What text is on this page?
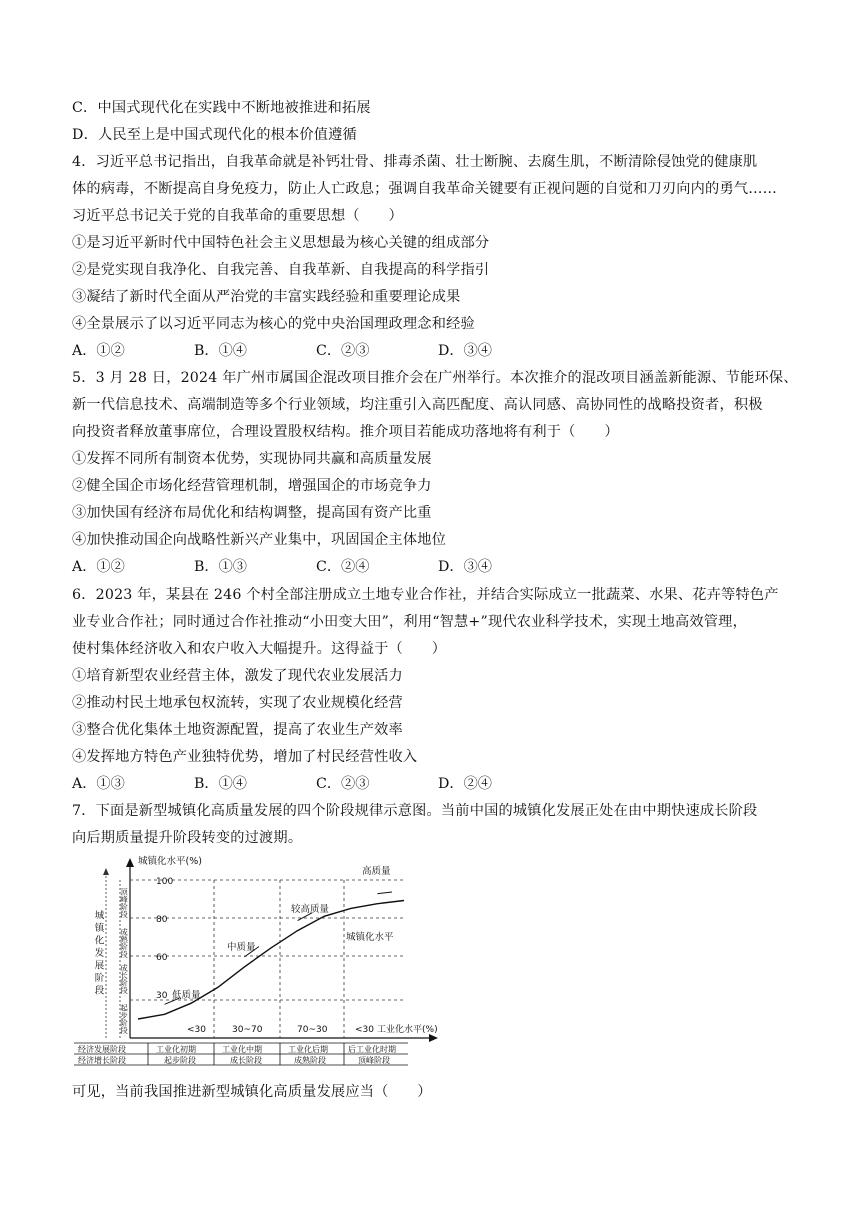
C．中国式现代化在实践中不断地被推进和拓展
D．人民至上是中国式现代化的根本价值遵循
4．习近平总书记指出，自我革命就是补钙壮骨、排毒杀菌、壮士断腕、去腐生肌，不断清除侵蚀党的健康肌
体的病毒，不断提高自身免疫力，防止人亡政息；强调自我革命关键要有正视问题的自觉和刀刃向内的勇气……
习近平总书记关于党的自我革命的重要思想（　　）
①是习近平新时代中国特色社会主义思想最为核心关键的组成部分
②是党实现自我净化、自我完善、自我革新、自我提高的科学指引
③凝结了新时代全面从严治党的丰富实践经验和重要理论成果
④全景展示了以习近平同志为核心的党中央治国理政理念和经验
A．①②	B．①④	C．②③	D．③④
5．3 月 28 日，2024 年广州市属国企混改项目推介会在广州举行。本次推介的混改项目涵盖新能源、节能环保、
新一代信息技术、高端制造等多个行业领域，均注重引入高匹配度、高认同感、高协同性的战略投资者，积极
向投资者释放董事席位，合理设置股权结构。推介项目若能成功落地将有利于（　　）
①发挥不同所有制资本优势，实现协同共赢和高质量发展
②健全国企市场化经营管理机制，增强国企的市场竞争力
③加快国有经济布局优化和结构调整，提高国有资产比重
④加快推动国企向战略性新兴产业集中，巩固国企主体地位
A．①②	B．①③	C．②④	D．③④
6．2023 年，某县在 246 个村全部注册成立土地专业合作社，并结合实际成立一批蔬菜、水果、花卉等特色产
业专业合作社；同时通过合作社推动“小田变大田”，利用“智慧+”现代农业科学技术，实现土地高效管理，
使村集体经济收入和农户收入大幅提升。这得益于（　　）
①培育新型农业经营主体，激发了现代农业发展活力
②推动村民土地承包权流转，实现了农业规模化经营
③整合优化集体土地资源配置，提高了农业生产效率
④发挥地方特色产业独特优势，增加了村民经营性收入
A．①③	B．①④	C．②③	D．②④
7．下面是新型城镇化高质量发展的四个阶段规律示意图。当前中国的城镇化发展正处在由中期快速成长阶段
向后期质量提升阶段转变的过渡期。
城镇化水平(%)
100
80
60
30
城镇化发展阶段
顶峰阶段
成熟阶段
成长阶段
起步阶段
低质量
中质量
较高质量
高质量
城镇化水平
<30	30~70	70~30	<30 工业化水平(%)
经济发展阶段	工业化初期	工业化中期	工业化后期	后工业化时期
经济增长阶段	起步阶段	成长阶段	成熟阶段	顶峰阶段
可见，当前我国推进新型城镇化高质量发展应当（　　）
